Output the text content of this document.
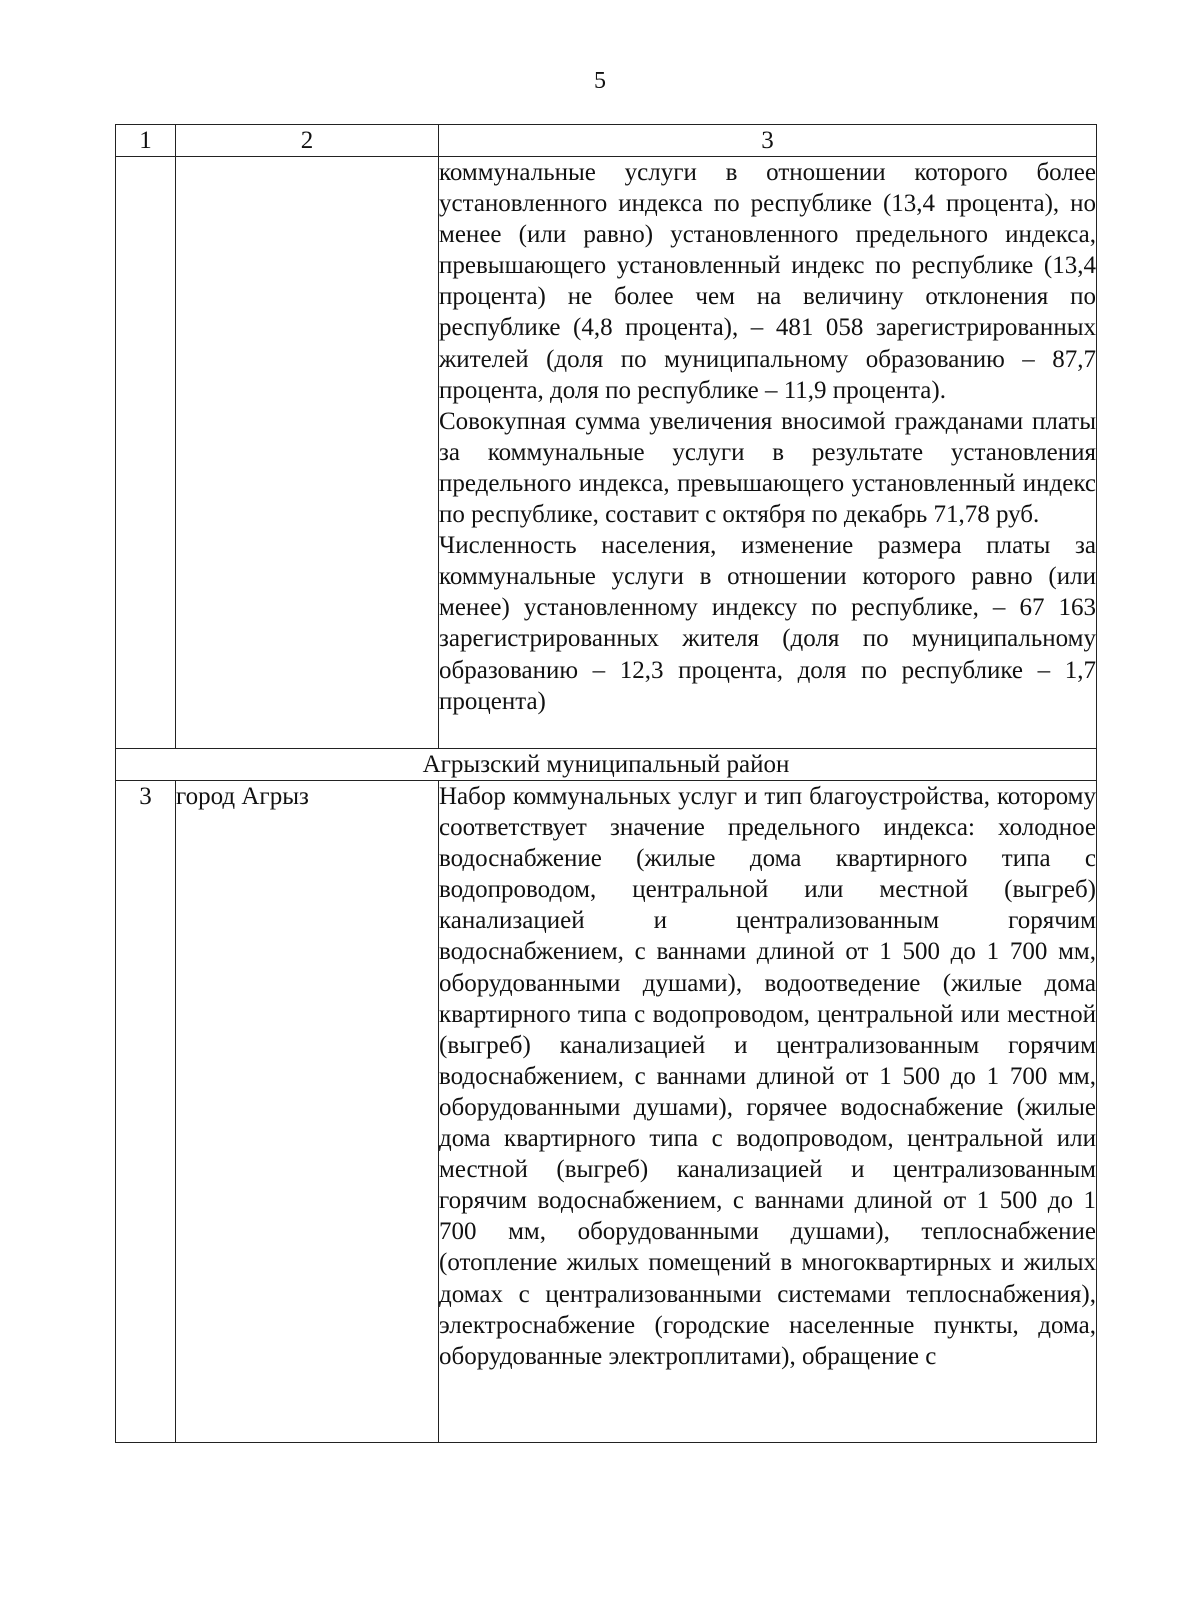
5
1	2	3

		коммунальные услуги в отношении которого более установленного индекса по республике (13,4 процента), но менее (или равно) установленного предельного индекса, превышающего установленный индекс по республике (13,4 процента) не более чем на величину отклонения по республике (4,8 процента), – 481 058 зарегистрированных жителей (доля по муниципальному образованию – 87,7 процента, доля по республике – 11,9 процента).

Совокупная сумма увеличения вносимой гражданами платы за коммунальные услуги в результате установления предельного индекса, превышающего установленный индекс по республике, составит с октября по декабрь 71,78 руб.

Численность населения, изменение размера платы за коммунальные услуги в отношении которого равно (или менее) установленному индексу по республике, – 67 163 зарегистрированных жителя (доля по муниципальному образованию – 12,3 процента, доля по республике – 1,7 процента)

Агрызский муниципальный район		
3	город Агрыз	Набор коммунальных услуг и тип благоустройства, которому соответствует значение предельного индекса: холодное водоснабжение (жилые дома квартирного типа с водопроводом, центральной или местной (выгреб) канализацией и централизованным горячим водоснабжением, с ваннами длиной от 1 500 до 1 700 мм, оборудованными душами), водоотведение (жилые дома квартирного типа с водопроводом, центральной или местной (выгреб) канализацией и централизованным горячим водоснабжением, с ваннами длиной от 1 500 до 1 700 мм, оборудованными душами), горячее водоснабжение (жилые дома квартирного типа с водопроводом, центральной или местной (выгреб) канализацией и централизованным горячим водоснабжением, с ваннами длиной от 1 500 до 1 700 мм, оборудованными душами), теплоснабжение (отопление жилых помещений в многоквартирных и жилых домах с централизованными системами теплоснабжения), электроснабжение (городские населенные пункты, дома, оборудованные электроплитами), обращение с
